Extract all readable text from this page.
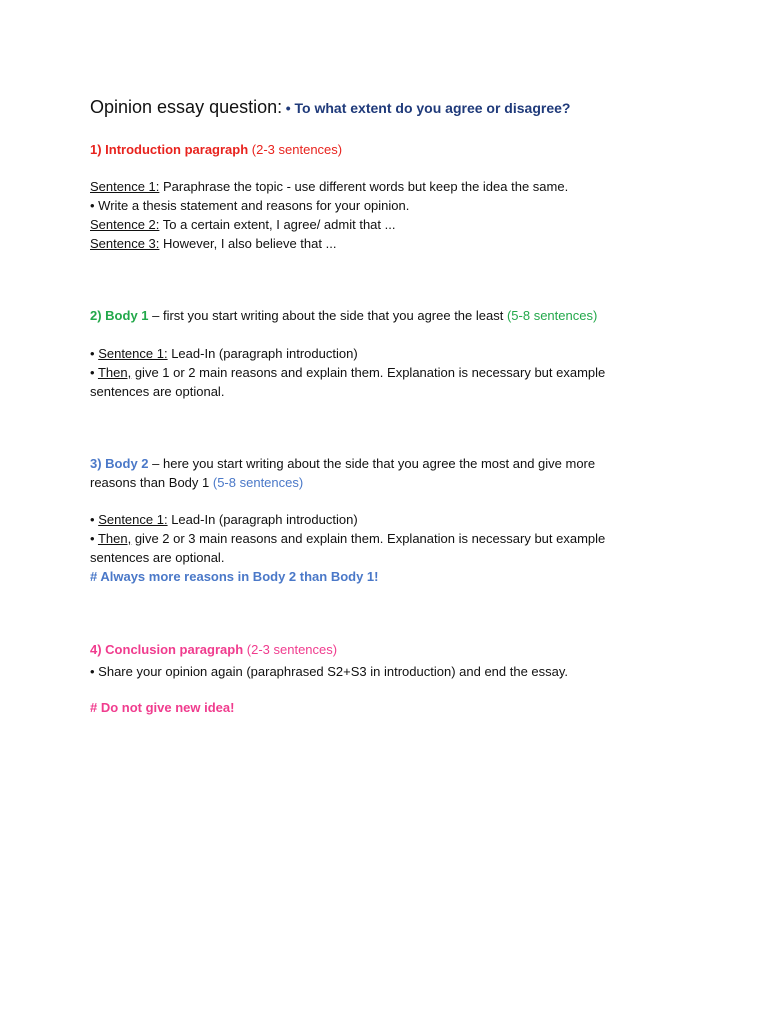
Opinion essay question: • To what extent do you agree or disagree?
1) Introduction paragraph (2-3 sentences)
Sentence 1: Paraphrase the topic - use different words but keep the idea the same.
• Write a thesis statement and reasons for your opinion.
Sentence 2: To a certain extent, I agree/ admit that ...
Sentence 3: However, I also believe that ...
2) Body 1 – first you start writing about the side that you agree the least (5-8 sentences)
• Sentence 1: Lead-In (paragraph introduction)
• Then, give 1 or 2 main reasons and explain them. Explanation is necessary but example
sentences are optional.
3) Body 2 – here you start writing about the side that you agree the most and give more
reasons than Body 1 (5-8 sentences)
• Sentence 1: Lead-In (paragraph introduction)
• Then, give 2 or 3 main reasons and explain them. Explanation is necessary but example
sentences are optional.
# Always more reasons in Body 2 than Body 1!
4) Conclusion paragraph (2-3 sentences)
• Share your opinion again (paraphrased S2+S3 in introduction) and end the essay.
# Do not give new idea!
